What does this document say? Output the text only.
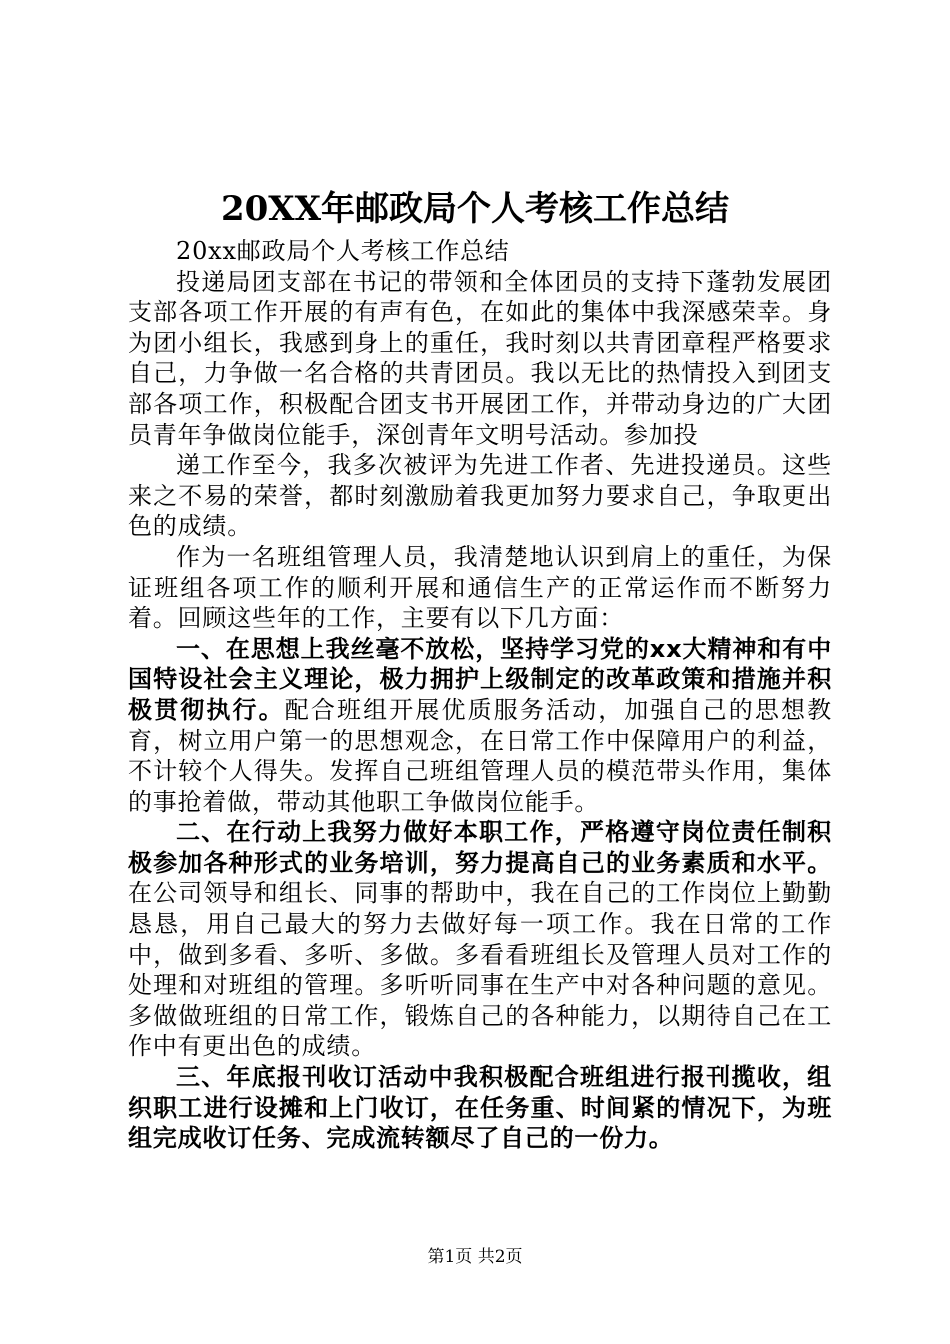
20XX年邮政局个人考核工作总结

20xx邮政局个人考核工作总结

投递局团支部在书记的带领和全体团员的支持下蓬勃发展团支部各项工作开展的有声有色，在如此的集体中我深感荣幸。身为团小组长，我感到身上的重任，我时刻以共青团章程严格要求自己，力争做一名合格的共青团员。我以无比的热情投入到团支部各项工作，积极配合团支书开展团工作，并带动身边的广大团员青年争做岗位能手，深创青年文明号活动。参加投

递工作至今，我多次被评为先进工作者、先进投递员。这些来之不易的荣誉，都时刻激励着我更加努力要求自己，争取更出色的成绩。

作为一名班组管理人员，我清楚地认识到肩上的重任，为保证班组各项工作的顺利开展和通信生产的正常运作而不断努力着。回顾这些年的工作，主要有以下几方面：

一、在思想上我丝毫不放松，坚持学习党的xx大精神和有中国特设社会主义理论，极力拥护上级制定的改革政策和措施并积极贯彻执行。配合班组开展优质服务活动，加强自己的思想教育，树立用户第一的思想观念，在日常工作中保障用户的利益，不计较个人得失。发挥自己班组管理人员的模范带头作用，集体的事抢着做，带动其他职工争做岗位能手。

二、在行动上我努力做好本职工作，严格遵守岗位责任制积极参加各种形式的业务培训，努力提高自己的业务素质和水平。在公司领导和组长、同事的帮助中，我在自己的工作岗位上勤勤恳恳，用自己最大的努力去做好每一项工作。我在日常的工作中，做到多看、多听、多做。多看看班组长及管理人员对工作的处理和对班组的管理。多听听同事在生产中对各种问题的意见。多做做班组的日常工作，锻炼自己的各种能力，以期待自己在工作中有更出色的成绩。

三、年底报刊收订活动中我积极配合班组进行报刊揽收，组织职工进行设摊和上门收订，在任务重、时间紧的情况下，为班组完成收订任务、完成流转额尽了自己的一份力。

第1页 共2页
